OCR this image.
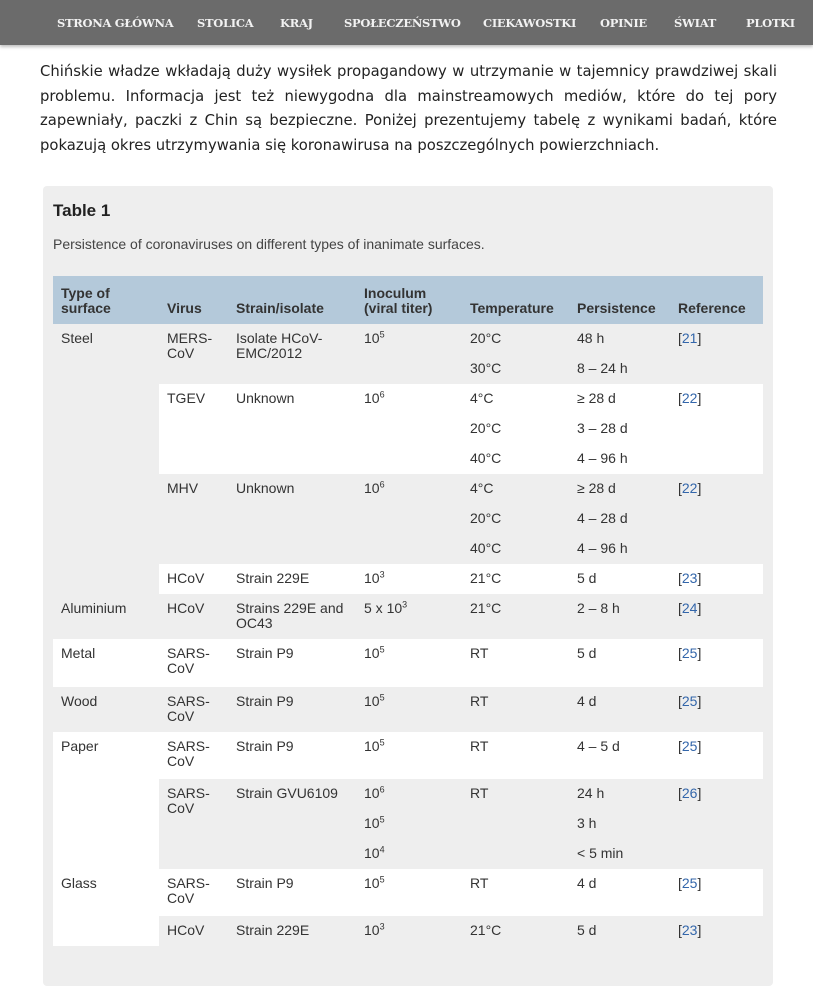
STRONA GŁÓWNA STOLICA KRAJ	SPOŁECZEŃSTWO CIEKAWOSTKI OPINIE ŚWIAT	PLOTKI

Chińskie władze wkładają duży wysiłek propagandowy w utrzymanie w tajemnicy prawdziwej skali problemu. Informacja jest też niewygodna dla mainstreamowych mediów, które do tej pory zapewniały, paczki z Chin są bezpieczne. Poniżej prezentujemy tabelę z wynikami badań, które pokazują okres utrzymywania się koronawirusa na poszczególnych powierzchniach.

Table 1
Persistence of coronaviruses on different types of inanimate surfaces.
Type of surface	Virus	Strain/isolate	Inoculum (viral titer)	Temperature	Persistence	Reference
Steel	MERS-CoV	Isolate HCoV-EMC/2012	$10^5$	20°C	48 h	[21]
				30°C	8 – 24 h	
	TGEV	Unknown	$10^6$	4°C	≥ 28 d	[22]
				20°C	3 – 28 d	
				40°C	4 – 96 h	
	MHV	Unknown	$10^6$	4°C	≥ 28 d	[22]
				20°C	4 – 28 d	
				40°C	4 – 96 h	
	HCoV	Strain 229E	$10^3$	21°C	5 d	[23]

Aluminium	HCoV	Strains 229E and OC43	5 x $10^3$	21°C	2 – 8 h	[24]
Metal	SARS-CoV	Strain P9	$10^5$	RT	5 d	[25]
Wood	SARS-CoV	Strain P9	$10^5$	RT	4 d	[25]
Paper	SARS-CoV	Strain P9	$10^5$	RT	4 – 5 d	[25]
	SARS-CoV	Strain GVU6109	$10^6$	RT	24 h	[26]
			$10^5$		3 h	
			$10^4$		< 5 min	
Glass	SARS-CoV	Strain P9	$10^5$	RT	4 d	[25]
	HCoV	Strain 229E	$10^3$	21°C	5 d	[23]
